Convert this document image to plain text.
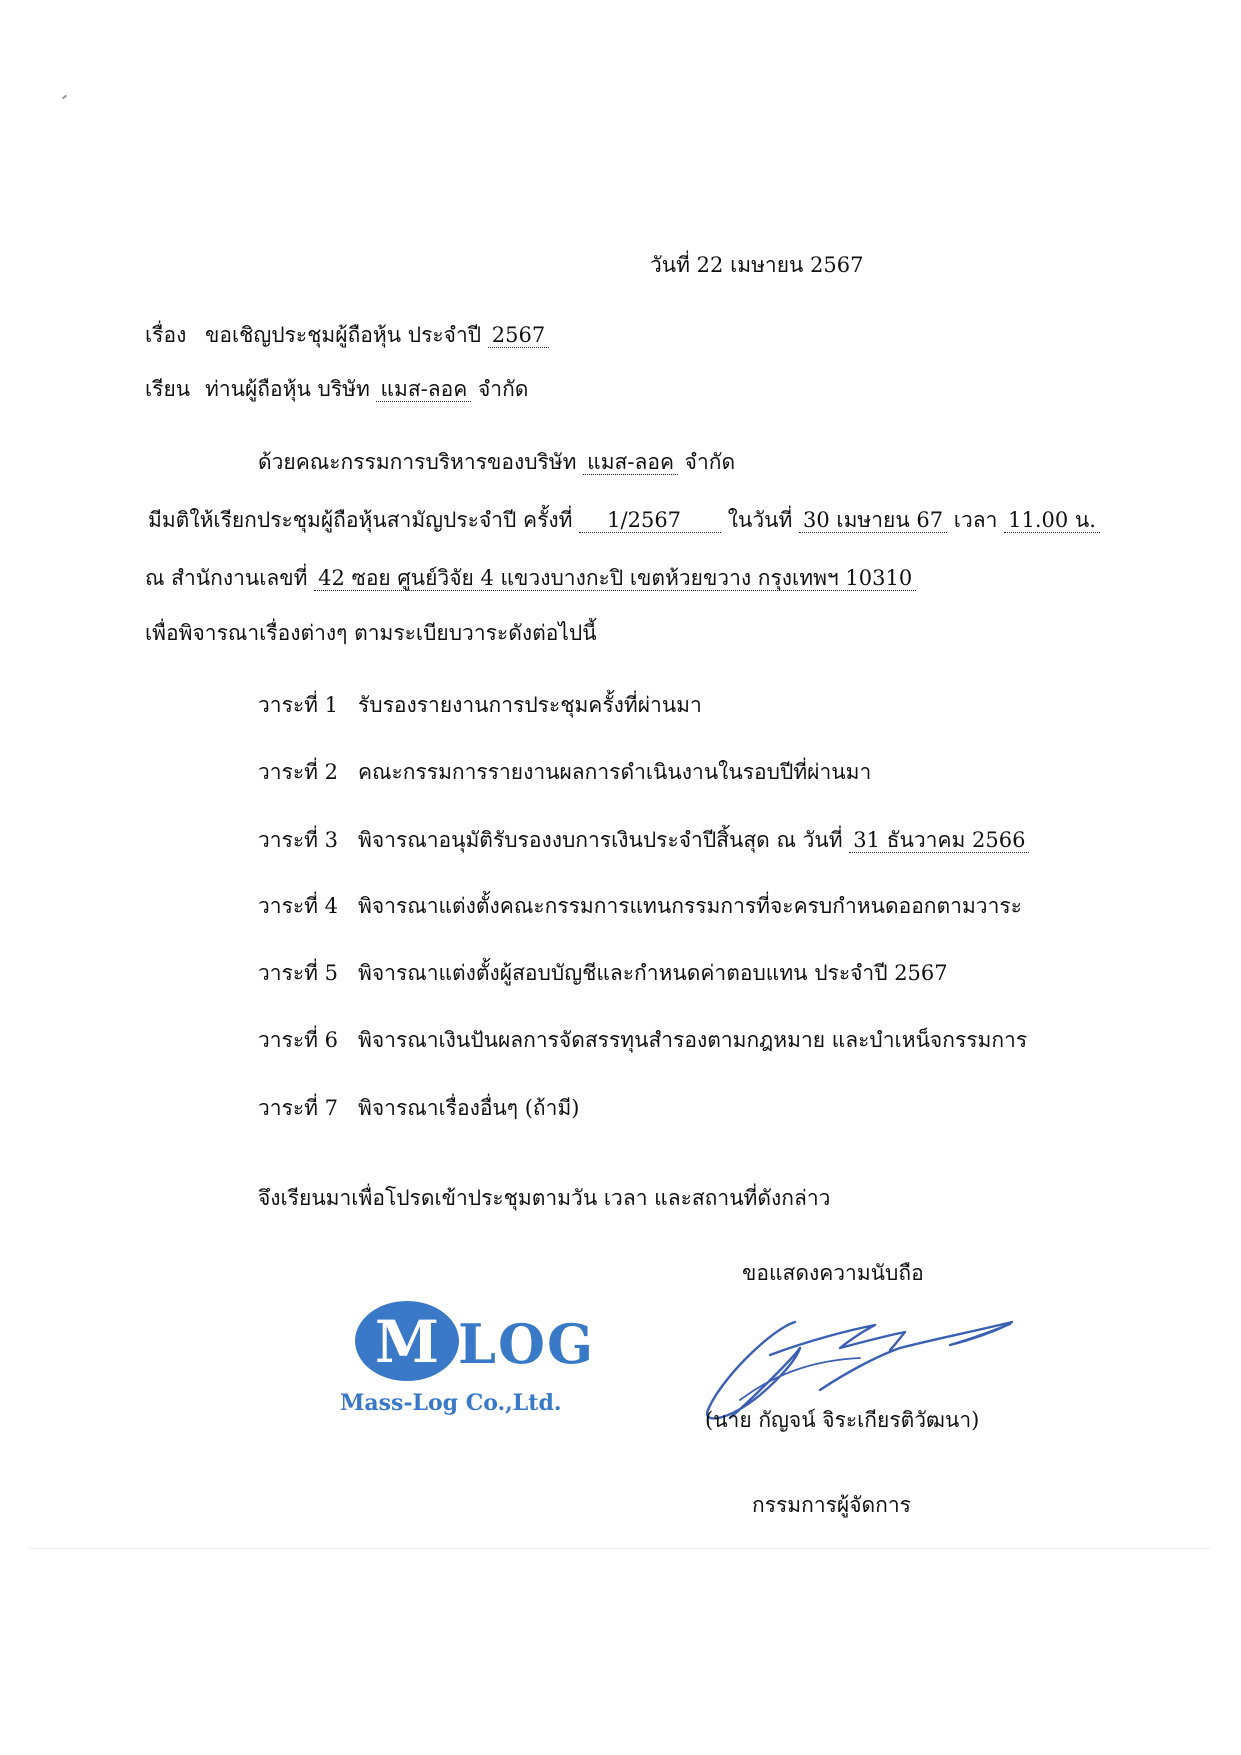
วันที่ 22 เมษายน 2567
เรื่อง ขอเชิญประชุมผู้ถือหุ้น ประจำปี 2567
เรียน ท่านผู้ถือหุ้น บริษัท แมส-ลอค จำกัด
ด้วยคณะกรรมการบริหารของบริษัท แมส-ลอค จำกัด
มีมติให้เรียกประชุมผู้ถือหุ้นสามัญประจำปี ครั้งที่ 1/2567 ในวันที่ 30 เมษายน 67 เวลา 11.00 น.
ณ สำนักงานเลขที่ 42 ซอย ศูนย์วิจัย 4 แขวงบางกะปิ เขตห้วยขวาง กรุงเทพฯ 10310
เพื่อพิจารณาเรื่องต่างๆ ตามระเบียบวาระดังต่อไปนี้
วาระที่ 1 รับรองรายงานการประชุมครั้งที่ผ่านมา
วาระที่ 2 คณะกรรมการรายงานผลการดำเนินงานในรอบปีที่ผ่านมา
วาระที่ 3 พิจารณาอนุมัติรับรองงบการเงินประจำปีสิ้นสุด ณ วันที่ 31 ธันวาคม 2566
วาระที่ 4 พิจารณาแต่งตั้งคณะกรรมการแทนกรรมการที่จะครบกำหนดออกตามวาระ
วาระที่ 5 พิจารณาแต่งตั้งผู้สอบบัญชีและกำหนดค่าตอบแทน ประจำปี 2567
วาระที่ 6 พิจารณาเงินปันผลการจัดสรรทุนสำรองตามกฎหมาย และบำเหน็จกรรมการ
วาระที่ 7 พิจารณาเรื่องอื่นๆ (ถ้ามี)
จึงเรียนมาเพื่อโปรดเข้าประชุมตามวัน เวลา และสถานที่ดังกล่าว
ขอแสดงความนับถือ
M LOG
Mass-Log Co.,Ltd.
(นาย กัญจน์ จิระเกียรติวัฒนา)
กรรมการผู้จัดการ
